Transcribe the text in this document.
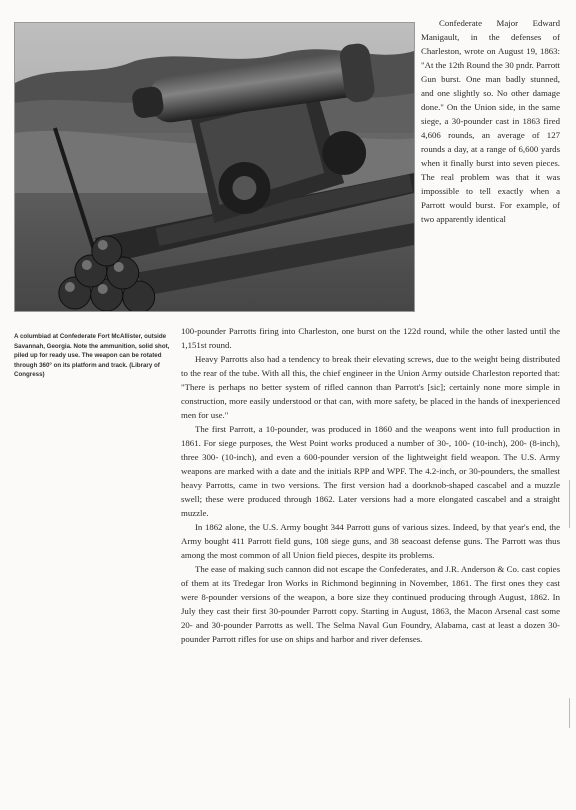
A columbiad at Confederate Fort McAllister, outside Savannah, Georgia. Note the ammunition, solid shot, piled up for ready use. The weapon can be rotated through 360° on its platform and track. (Library of Congress)

Confederate Major Edward Manigault, in the defenses of Charleston, wrote on August 19, 1863: "At the 12th Round the 30 pndr. Parrott Gun burst. One man badly stunned, and one slightly so. No other damage done." On the Union side, in the same siege, a 30-pounder cast in 1863 fired 4,606 rounds, an average of 127 rounds a day, at a range of 6,600 yards when it finally burst into seven pieces. The real problem was that it was impossible to tell exactly when a Parrott would burst. For example, of two apparently identical

100-pounder Parrotts firing into Charleston, one burst on the 122d round, while the other lasted until the 1,151st round.

Heavy Parrotts also had a tendency to break their elevating screws, due to the weight being distributed to the rear of the tube. With all this, the chief engineer in the Union Army outside Charleston reported that: "There is perhaps no better system of rifled cannon than Parrott's [sic]; certainly none more simple in construction, more easily understood or that can, with more safety, be placed in the hands of inexperienced men for use."

The first Parrott, a 10-pounder, was produced in 1860 and the weapons went into full production in 1861. For siege purposes, the West Point works produced a number of 30-, 100- (10-inch), 200- (8-inch), three 300- (10-inch), and even a 600-pounder version of the lightweight field weapon. The U.S. Army weapons are marked with a date and the initials RPP and WPF. The 4.2-inch, or 30-pounders, the smallest heavy Parrotts, came in two versions. The first version had a doorknob-shaped cascabel and a muzzle swell; these were produced through 1862. Later versions had a more elongated cascabel and a straight muzzle.

In 1862 alone, the U.S. Army bought 344 Parrott guns of various sizes. Indeed, by that year's end, the Army bought 411 Parrott field guns, 108 siege guns, and 38 seacoast defense guns. The Parrott was thus among the most common of all Union field pieces, despite its problems.

The ease of making such cannon did not escape the Confederates, and J.R. Anderson & Co. cast copies of them at its Tredegar Iron Works in Richmond beginning in November, 1861. The first ones they cast were 8-pounder versions of the weapon, a bore size they continued producing through August, 1862. In July they cast their first 30-pounder Parrott copy. Starting in August, 1863, the Macon Arsenal cast some 20- and 30-pounder Parrotts as well. The Selma Naval Gun Foundry, Alabama, cast at least a dozen 30-pounder Parrott rifles for use on ships and harbor and river defenses.
